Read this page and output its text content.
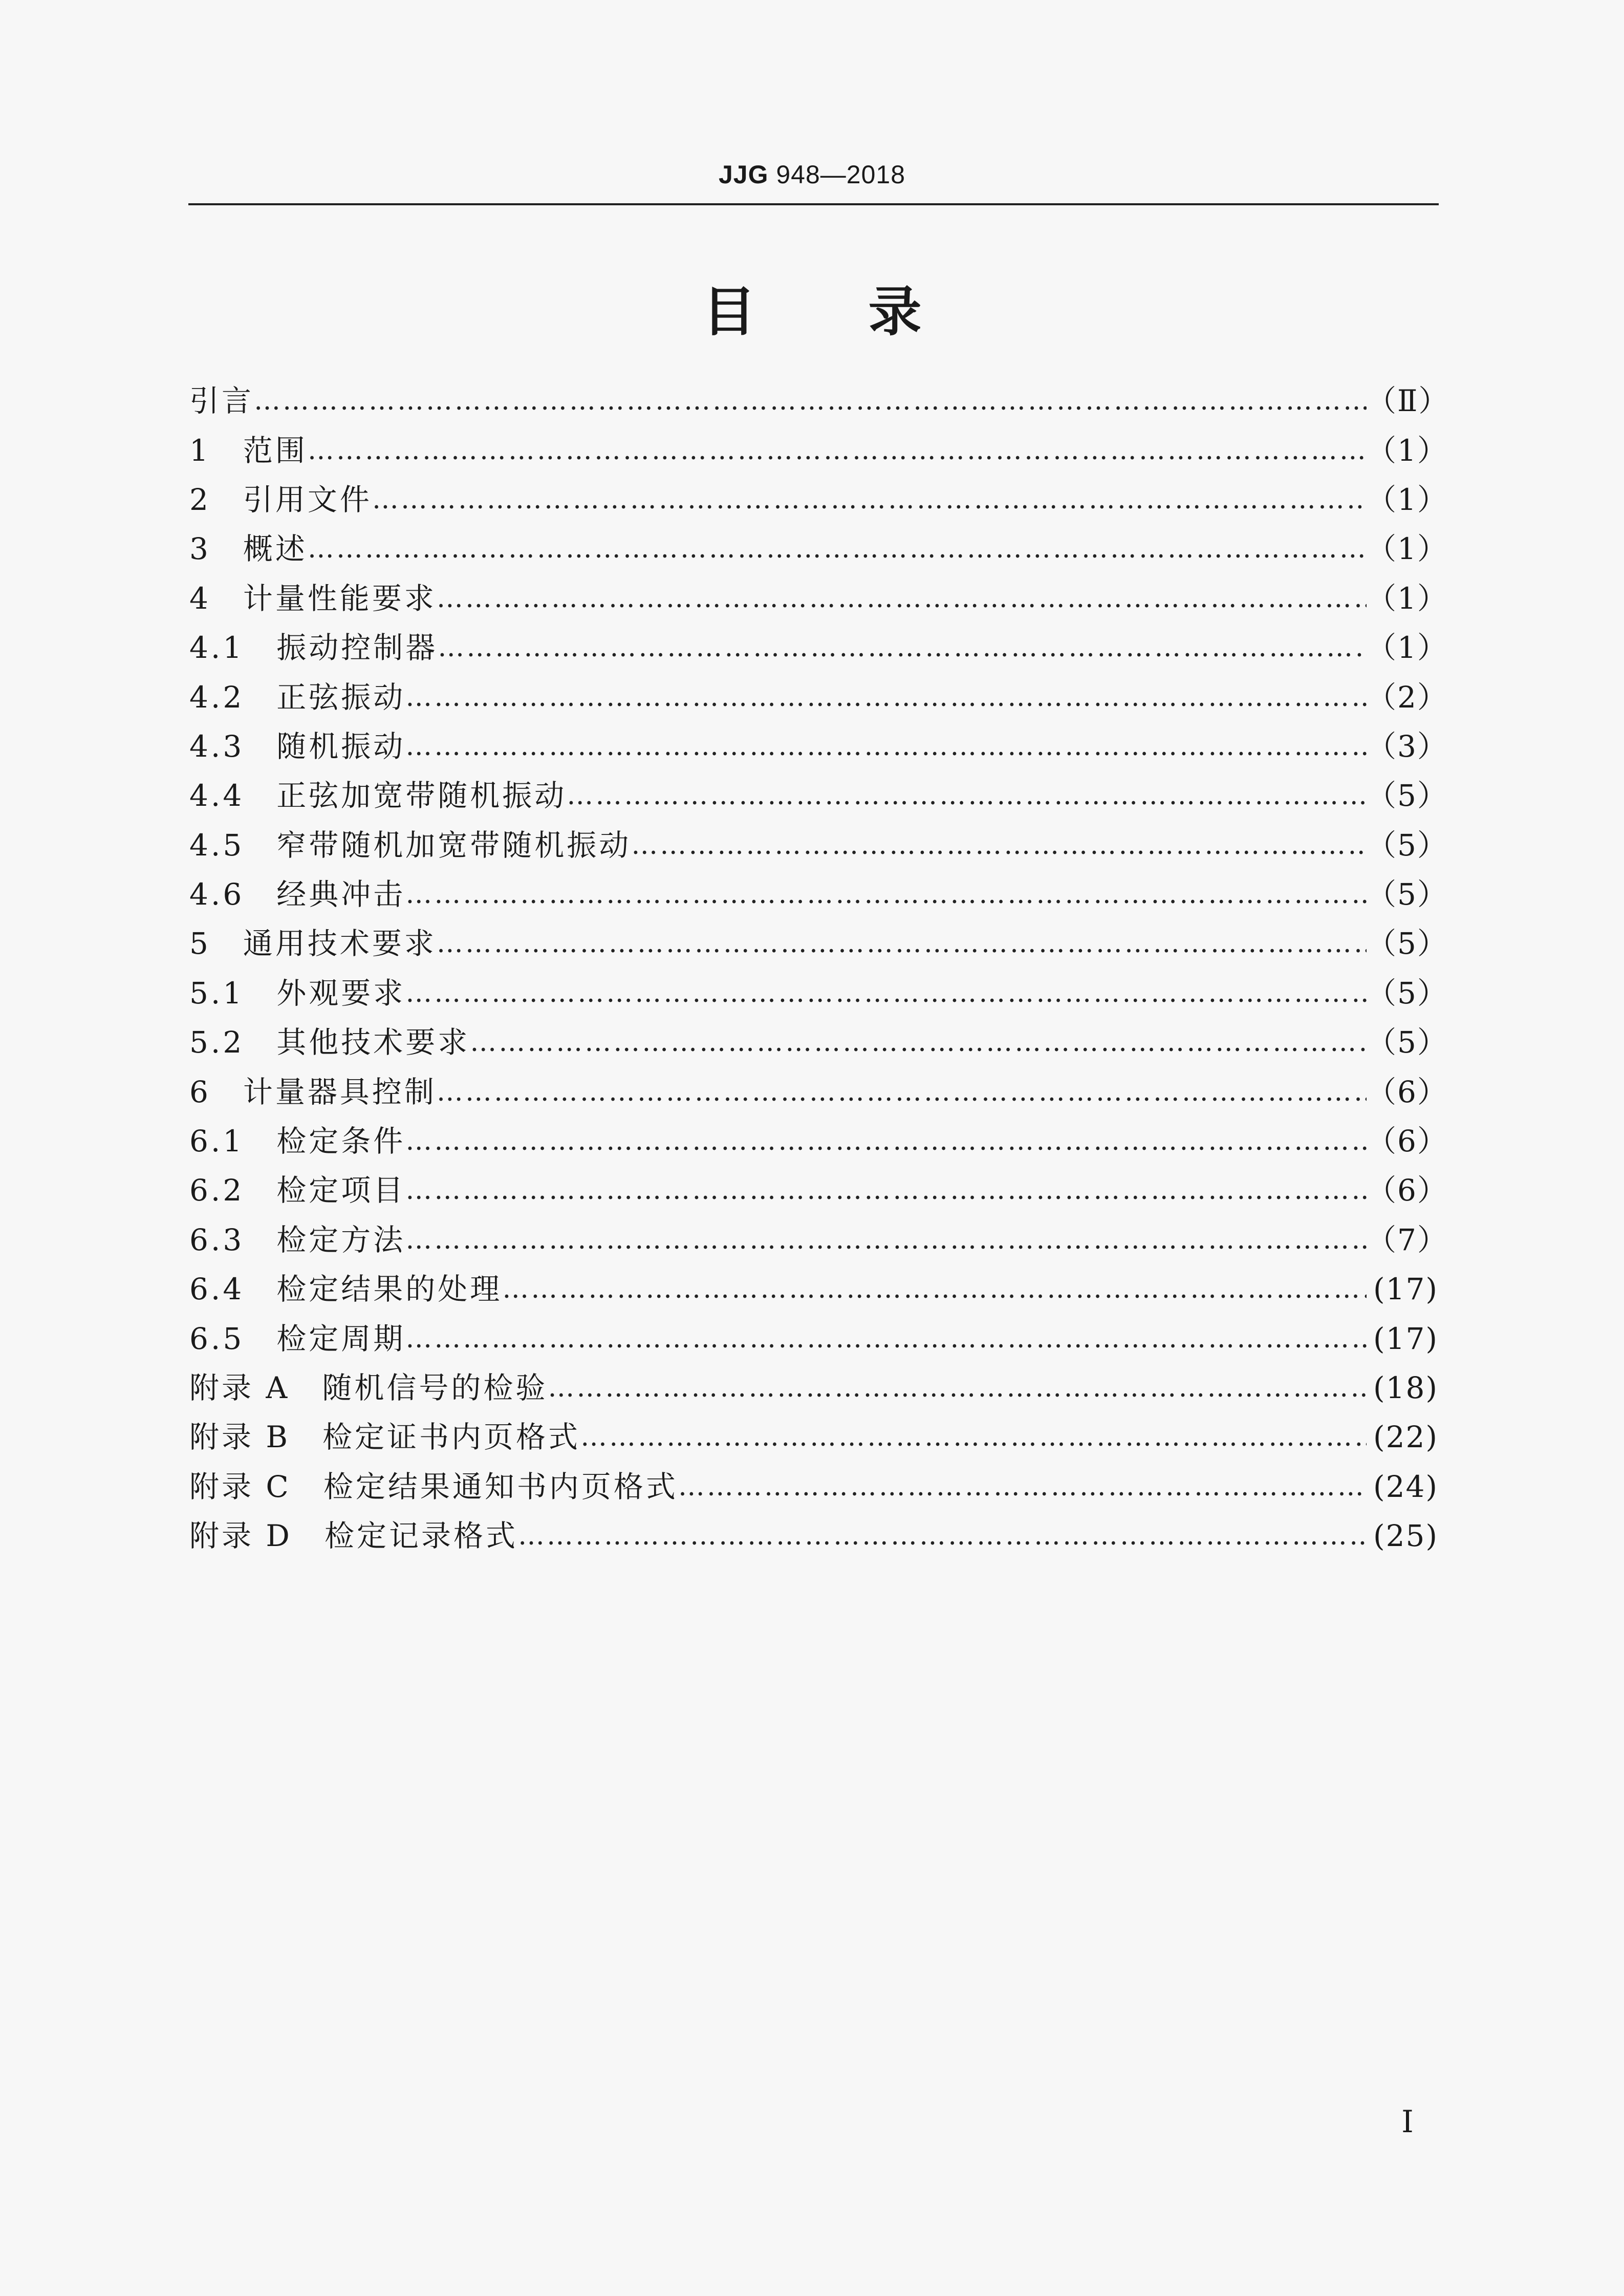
JJG 948—2018
目 录
引言 ……………………………………………………………………………………………………………………………………………………………………………………………………………………………………………………………………………………	（Ⅱ）
1　范围 ……………………………………………………………………………………………………………………………………………………………………………………………………………………………………………………………………………………	（1）
2　引用文件 ……………………………………………………………………………………………………………………………………………………………………………………………………………………………………………………………………………………	（1）
3　概述 ……………………………………………………………………………………………………………………………………………………………………………………………………………………………………………………………………………………	（1）
4　计量性能要求 ……………………………………………………………………………………………………………………………………………………………………………………………………………………………………………………………………………………	（1）
4.1　振动控制器 ……………………………………………………………………………………………………………………………………………………………………………………………………………………………………………………………………………………	（1）
4.2　正弦振动 ……………………………………………………………………………………………………………………………………………………………………………………………………………………………………………………………………………………	（2）
4.3　随机振动 ……………………………………………………………………………………………………………………………………………………………………………………………………………………………………………………………………………………	（3）
4.4　正弦加宽带随机振动 ……………………………………………………………………………………………………………………………………………………………………………………………………………………………………………………………………………………	（5）
4.5　窄带随机加宽带随机振动 ……………………………………………………………………………………………………………………………………………………………………………………………………………………………………………………………………………………	（5）
4.6　经典冲击 ……………………………………………………………………………………………………………………………………………………………………………………………………………………………………………………………………………………	（5）
5　通用技术要求 ……………………………………………………………………………………………………………………………………………………………………………………………………………………………………………………………………………………	（5）
5.1　外观要求 ……………………………………………………………………………………………………………………………………………………………………………………………………………………………………………………………………………………	（5）
5.2　其他技术要求 ……………………………………………………………………………………………………………………………………………………………………………………………………………………………………………………………………………………	（5）
6　计量器具控制 ……………………………………………………………………………………………………………………………………………………………………………………………………………………………………………………………………………………	（6）
6.1　检定条件 ……………………………………………………………………………………………………………………………………………………………………………………………………………………………………………………………………………………	（6）
6.2　检定项目 ……………………………………………………………………………………………………………………………………………………………………………………………………………………………………………………………………………………	（6）
6.3　检定方法 ……………………………………………………………………………………………………………………………………………………………………………………………………………………………………………………………………………………	（7）
6.4　检定结果的处理 ……………………………………………………………………………………………………………………………………………………………………………………………………………………………………………………………………………………	(17)
6.5　检定周期 ……………………………………………………………………………………………………………………………………………………………………………………………………………………………………………………………………………………	(17)
附录 A　随机信号的检验 ……………………………………………………………………………………………………………………………………………………………………………………………………………………………………………………………………………………	(18)
附录 B　检定证书内页格式 ……………………………………………………………………………………………………………………………………………………………………………………………………………………………………………………………………………………	(22)
附录 C　检定结果通知书内页格式 ……………………………………………………………………………………………………………………………………………………………………………………………………………………………………………………………………………………	(24)
附录 D　检定记录格式 ……………………………………………………………………………………………………………………………………………………………………………………………………………………………………………………………………………………	(25)
Ⅰ
